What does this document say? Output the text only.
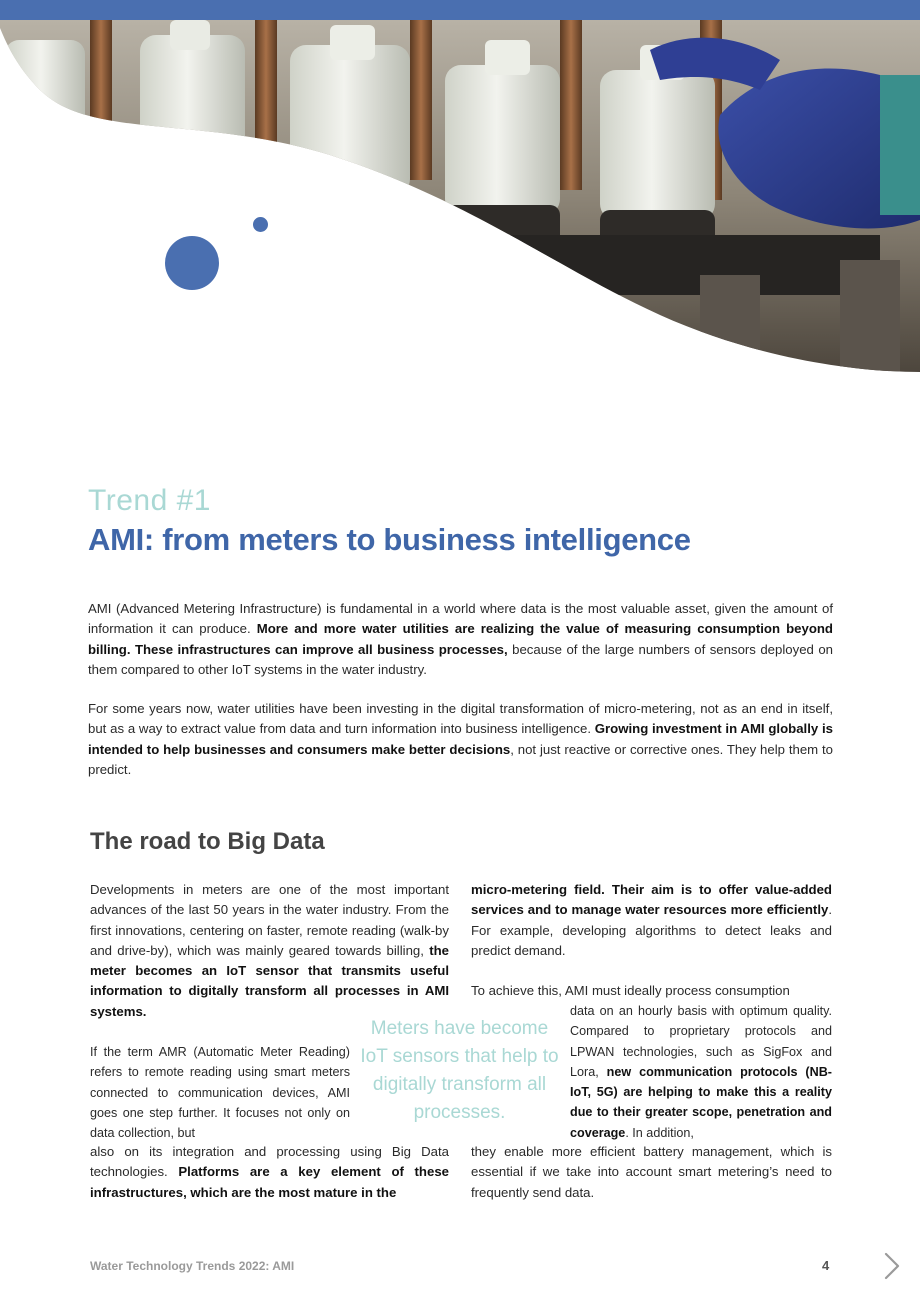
Trend #1
AMI: from meters to business intelligence

AMI (Advanced Metering Infrastructure) is fundamental in a world where data is the most valuable asset, given the amount of information it can produce. More and more water utilities are realizing the value of measuring consumption beyond billing. These infrastructures can improve all business processes, because of the large numbers of sensors deployed on them compared to other IoT systems in the water industry.

For some years now, water utilities have been investing in the digital transformation of micro-metering, not as an end in itself, but as a way to extract value from data and turn information into business intelligence. Growing investment in AMI globally is intended to help businesses and consumers make better decisions, not just reactive or corrective ones. They help them to predict.

The road to Big Data

Developments in meters are one of the most important advances of the last 50 years in the water industry. From the first innovations, centering on faster, remote reading (walk-by and drive-by), which was mainly geared towards billing, the meter becomes an IoT sensor that transmits useful information to digitally transform all processes in AMI systems.

If the term AMR (Automatic Meter Reading) refers to remote reading using smart meters connected to communication devices, AMI goes one step further. It focuses not only on data collection, but

also on its integration and processing using Big Data technologies. Platforms are a key element of these infrastructures, which are the most mature in the

micro-metering field. Their aim is to offer value-added services and to manage water resources more efficiently. For example, developing algorithms to detect leaks and predict demand.

To achieve this, AMI must ideally process consumption

data on an hourly basis with optimum quality. Compared to proprietary protocols and LPWAN technologies, such as SigFox and Lora, new communication protocols (NB-IoT, 5G) are helping to make this a reality due to their greater scope, penetration and coverage. In addition,

they enable more efficient battery management, which is essential if we take into account smart metering’s need to frequently send data.

Meters have become IoT sensors that help to digitally transform all processes.
Water Technology Trends 2022: AMI	4
